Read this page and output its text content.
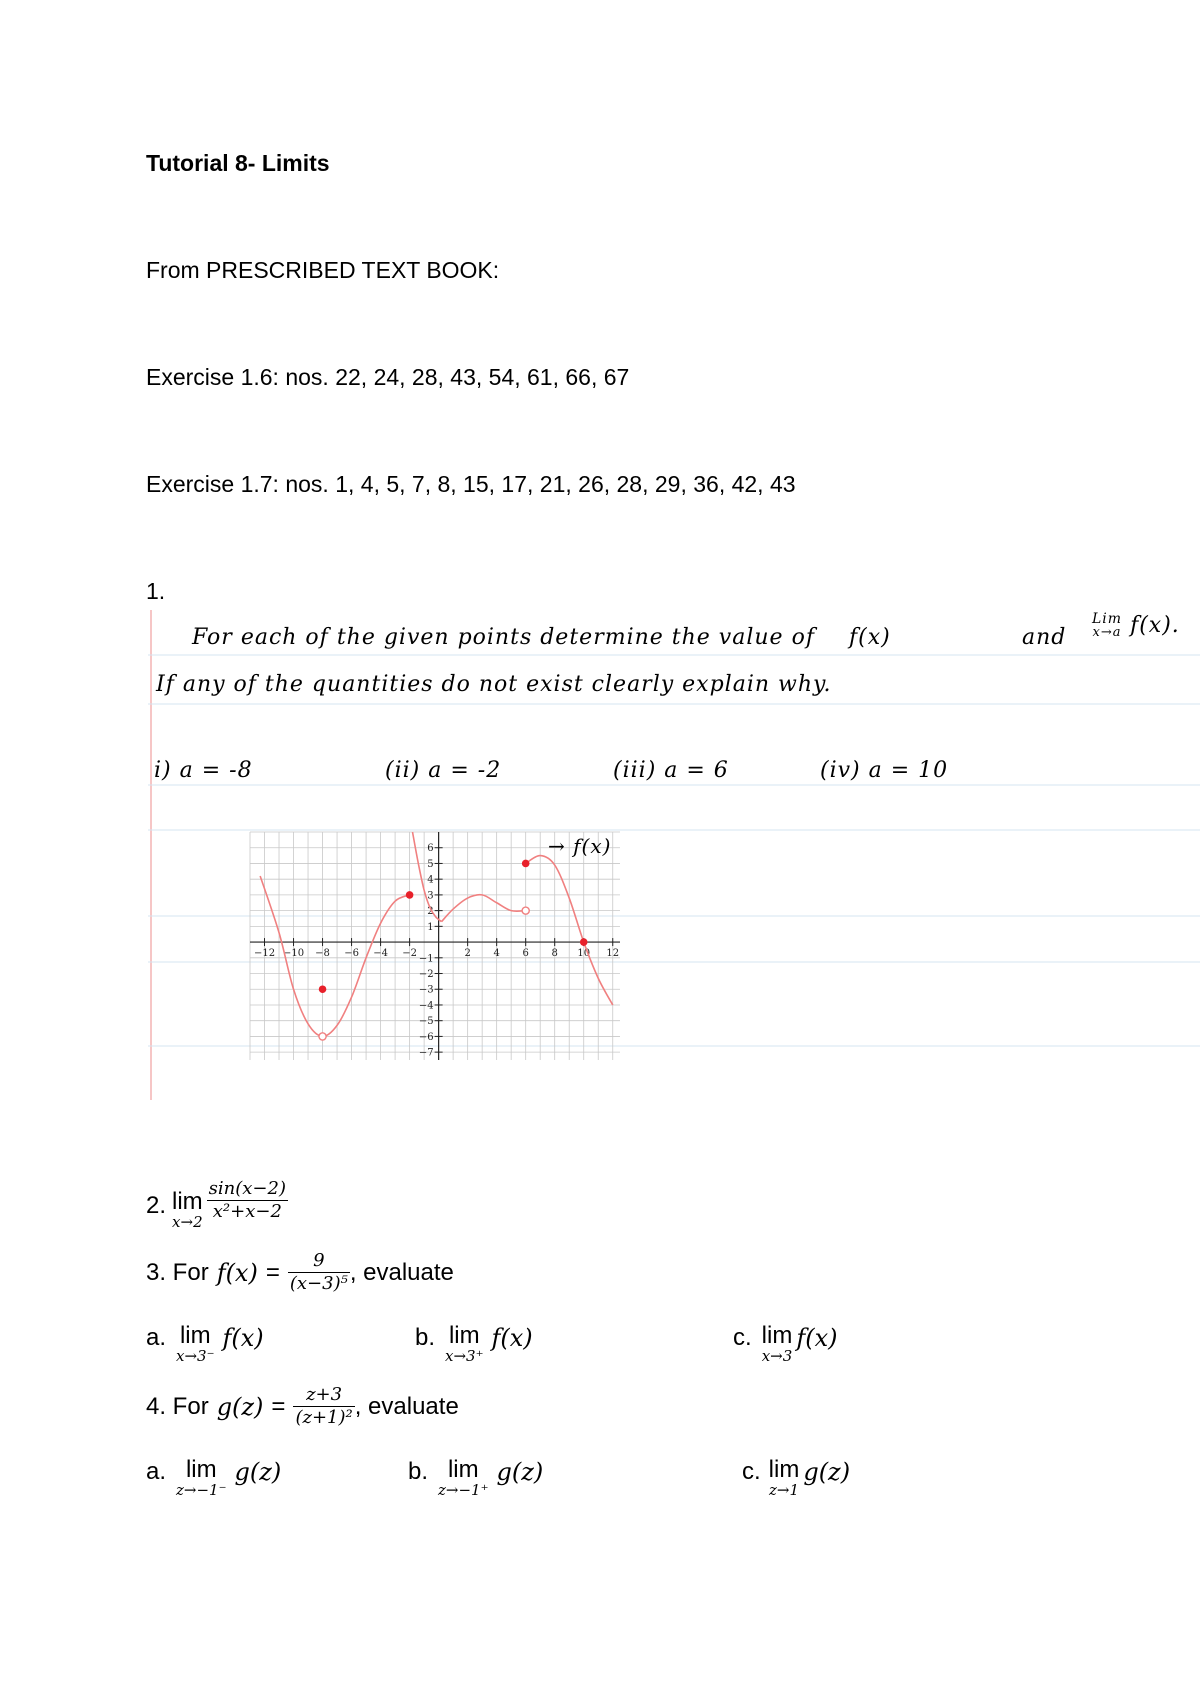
Tutorial 8- Limits
From PRESCRIBED TEXT BOOK:
Exercise 1.6: nos. 22, 24, 28, 43, 54, 61, 66, 67
Exercise 1.7: nos. 1, 4, 5, 7, 8, 15, 17, 21, 26, 28, 29, 36, 42, 43
1.
For each of the given points determine the value of f(x)	and
Lim
x→a f(x).
If any of the quantities do not exist clearly explain why.
i) a = -8	(ii) a = -2	(iii) a = 6	(iv) a = 10
−12 −10 −8 −6 −4 −2	2 4 6 8 10 12
−7
−6
−5
−4
−3
−2
−1
1
2
3
4
5
6	→ f(x)
2. lim
$x\to 2 \frac{\sin(x-2)}{\text{x²+x−2}}$
3. For $f(x) = \frac{9}{\text{(x−3)⁵}}$ , evaluate
a. lim
x→3⁻
f(x)	b. lim
x→3⁺
f(x)	c. lim
x→3
f(x)
4. For $g(z) = \frac{z+3}{\text{(z+1)²}}$ , evaluate
a. lim
z→−1⁻
g(z)	b. lim
z→−1⁺
g(z)	c. lim
z→1
g(z)
